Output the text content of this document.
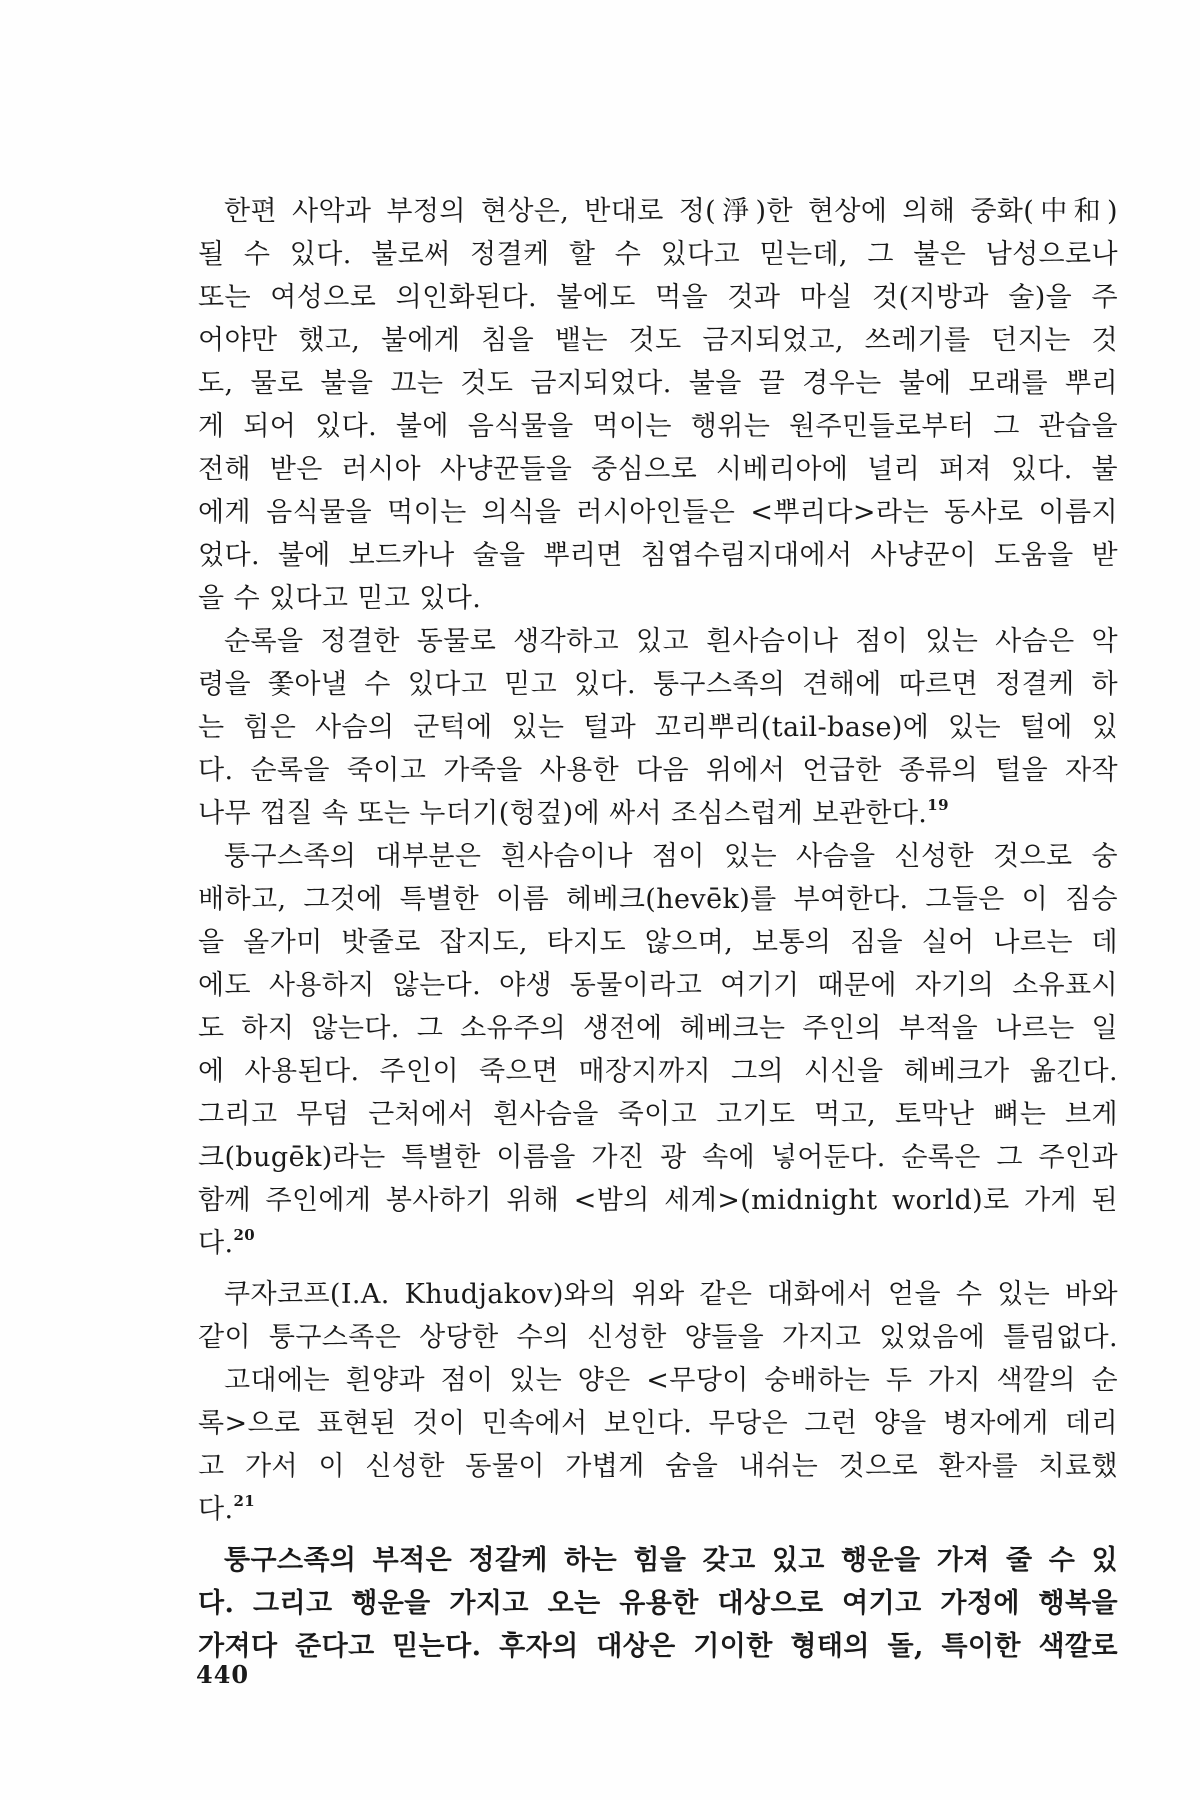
한편 사악과 부정의 현상은, 반대로 정(淨)한 현상에 의해 중화(中和)
될 수 있다. 불로써 정결케 할 수 있다고 믿는데, 그 불은 남성으로나
또는 여성으로 의인화된다. 불에도 먹을 것과 마실 것(지방과 술)을 주
어야만 했고, 불에게 침을 뱉는 것도 금지되었고, 쓰레기를 던지는 것
도, 물로 불을 끄는 것도 금지되었다. 불을 끌 경우는 불에 모래를 뿌리
게 되어 있다. 불에 음식물을 먹이는 행위는 원주민들로부터 그 관습을
전해 받은 러시아 사냥꾼들을 중심으로 시베리아에 널리 퍼져 있다. 불
에게 음식물을 먹이는 의식을 러시아인들은 <뿌리다>라는 동사로 이름지
었다. 불에 보드카나 술을 뿌리면 침엽수림지대에서 사냥꾼이 도움을 받
을 수 있다고 믿고 있다.

순록을 정결한 동물로 생각하고 있고 흰사슴이나 점이 있는 사슴은 악
령을 쫓아낼 수 있다고 믿고 있다. 퉁구스족의 견해에 따르면 정결케 하
는 힘은 사슴의 군턱에 있는 털과 꼬리뿌리(tail-base)에 있는 털에 있
다. 순록을 죽이고 가죽을 사용한 다음 위에서 언급한 종류의 털을 자작
나무 껍질 속 또는 누더기(헝겊)에 싸서 조심스럽게 보관한다.$^{19}$

퉁구스족의 대부분은 흰사슴이나 점이 있는 사슴을 신성한 것으로 숭
배하고, 그것에 특별한 이름 헤베크(hevēk)를 부여한다. 그들은 이 짐승
을 올가미 밧줄로 잡지도, 타지도 않으며, 보통의 짐을 실어 나르는 데
에도 사용하지 않는다. 야생 동물이라고 여기기 때문에 자기의 소유표시
도 하지 않는다. 그 소유주의 생전에 헤베크는 주인의 부적을 나르는 일
에 사용된다. 주인이 죽으면 매장지까지 그의 시신을 헤베크가 옮긴다.
그리고 무덤 근처에서 흰사슴을 죽이고 고기도 먹고, 토막난 뼈는 브게
크(bugēk)라는 특별한 이름을 가진 광 속에 넣어둔다. 순록은 그 주인과
함께 주인에게 봉사하기 위해 <밤의 세계>(midnight world)로 가게 된
다.$^{20}$

쿠자코프(I.A. Khudjakov)와의 위와 같은 대화에서 얻을 수 있는 바와
같이 퉁구스족은 상당한 수의 신성한 양들을 가지고 있었음에 틀림없다.

고대에는 흰양과 점이 있는 양은 <무당이 숭배하는 두 가지 색깔의 순
록>으로 표현된 것이 민속에서 보인다. 무당은 그런 양을 병자에게 데리
고 가서 이 신성한 동물이 가볍게 숨을 내쉬는 것으로 환자를 치료했
다.$^{21}$

퉁구스족의 부적은 정갈케 하는 힘을 갖고 있고 행운을 가져 줄 수 있
다. 그리고 행운을 가지고 오는 유용한 대상으로 여기고 가정에 행복을
가져다 준다고 믿는다. 후자의 대상은 기이한 형태의 돌, 특이한 색깔로

440
